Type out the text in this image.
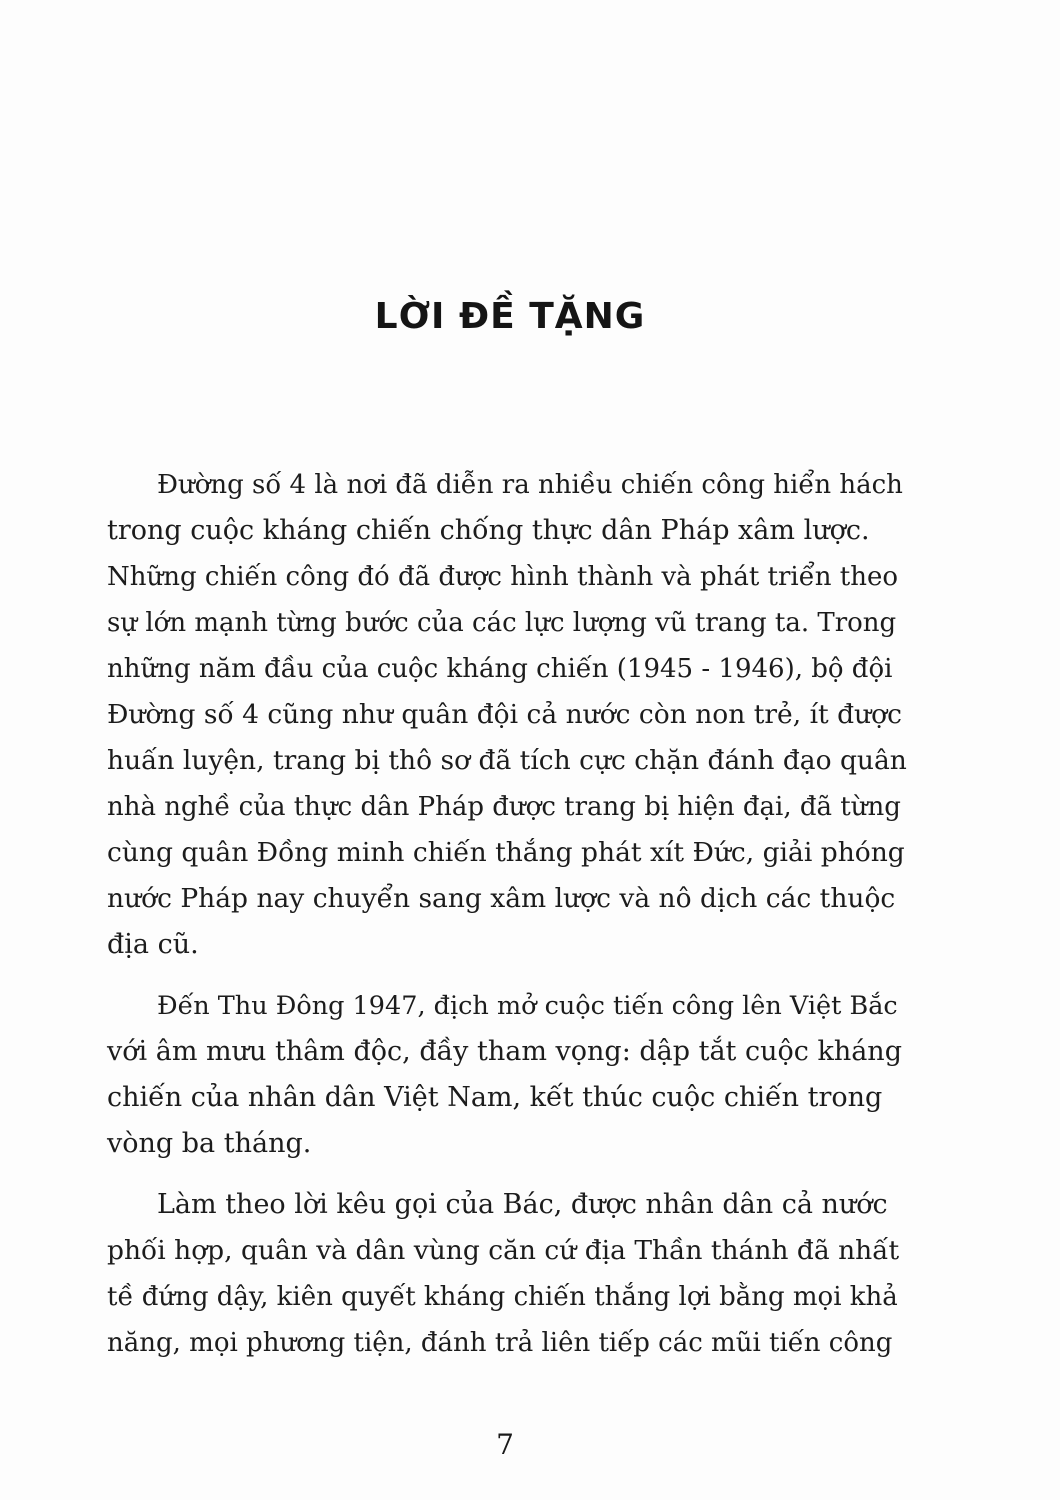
LỜI ĐỀ TẶNG

Đường số 4 là nơi đã diễn ra nhiều chiến công hiển hách
trong cuộc kháng chiến chống thực dân Pháp xâm lược.
Những chiến công đó đã được hình thành và phát triển theo
sự lớn mạnh từng bước của các lực lượng vũ trang ta. Trong
những năm đầu của cuộc kháng chiến (1945 - 1946), bộ đội
Đường số 4 cũng như quân đội cả nước còn non trẻ, ít được
huấn luyện, trang bị thô sơ đã tích cực chặn đánh đạo quân
nhà nghề của thực dân Pháp được trang bị hiện đại, đã từng
cùng quân Đồng minh chiến thắng phát xít Đức, giải phóng
nước Pháp nay chuyển sang xâm lược và nô dịch các thuộc
địa cũ.

Đến Thu Đông 1947, địch mở cuộc tiến công lên Việt Bắc
với âm mưu thâm độc, đầy tham vọng: dập tắt cuộc kháng
chiến của nhân dân Việt Nam, kết thúc cuộc chiến trong
vòng ba tháng.

Làm theo lời kêu gọi của Bác, được nhân dân cả nước
phối hợp, quân và dân vùng căn cứ địa Thần thánh đã nhất
tề đứng dậy, kiên quyết kháng chiến thắng lợi bằng mọi khả
năng, mọi phương tiện, đánh trả liên tiếp các mũi tiến công

7
